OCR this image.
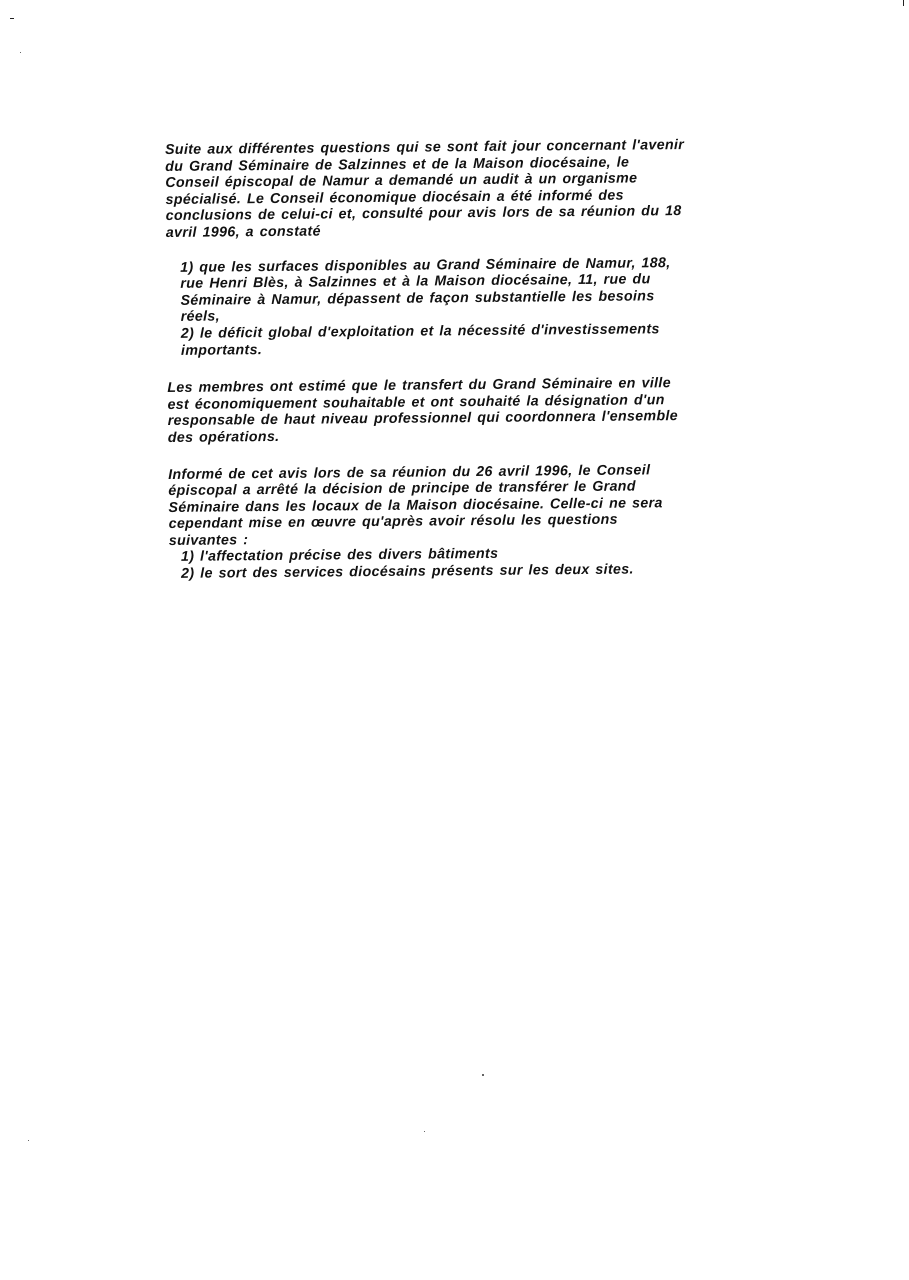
Suite aux différentes questions qui se sont fait jour concernant l'avenir
du Grand Séminaire de Salzinnes et de la Maison diocésaine, le
Conseil épiscopal de Namur a demandé un audit à un organisme
spécialisé. Le Conseil économique diocésain a été informé des
conclusions de celui-ci et, consulté pour avis lors de sa réunion du 18
avril 1996, a constaté

1) que les surfaces disponibles au Grand Séminaire de Namur, 188,
rue Henri Blès, à Salzinnes et à la Maison diocésaine, 11, rue du
Séminaire à Namur, dépassent de façon substantielle les besoins
réels,
2) le déficit global d'exploitation et la nécessité d'investissements
importants.

Les membres ont estimé que le transfert du Grand Séminaire en ville
est économiquement souhaitable et ont souhaité la désignation d'un
responsable de haut niveau professionnel qui coordonnera l'ensemble
des opérations.

Informé de cet avis lors de sa réunion du 26 avril 1996, le Conseil
épiscopal a arrêté la décision de principe de transférer le Grand
Séminaire dans les locaux de la Maison diocésaine. Celle-ci ne sera
cependant mise en œuvre qu'après avoir résolu les questions
suivantes :

1) l'affectation précise des divers bâtiments
2) le sort des services diocésains présents sur les deux sites.
